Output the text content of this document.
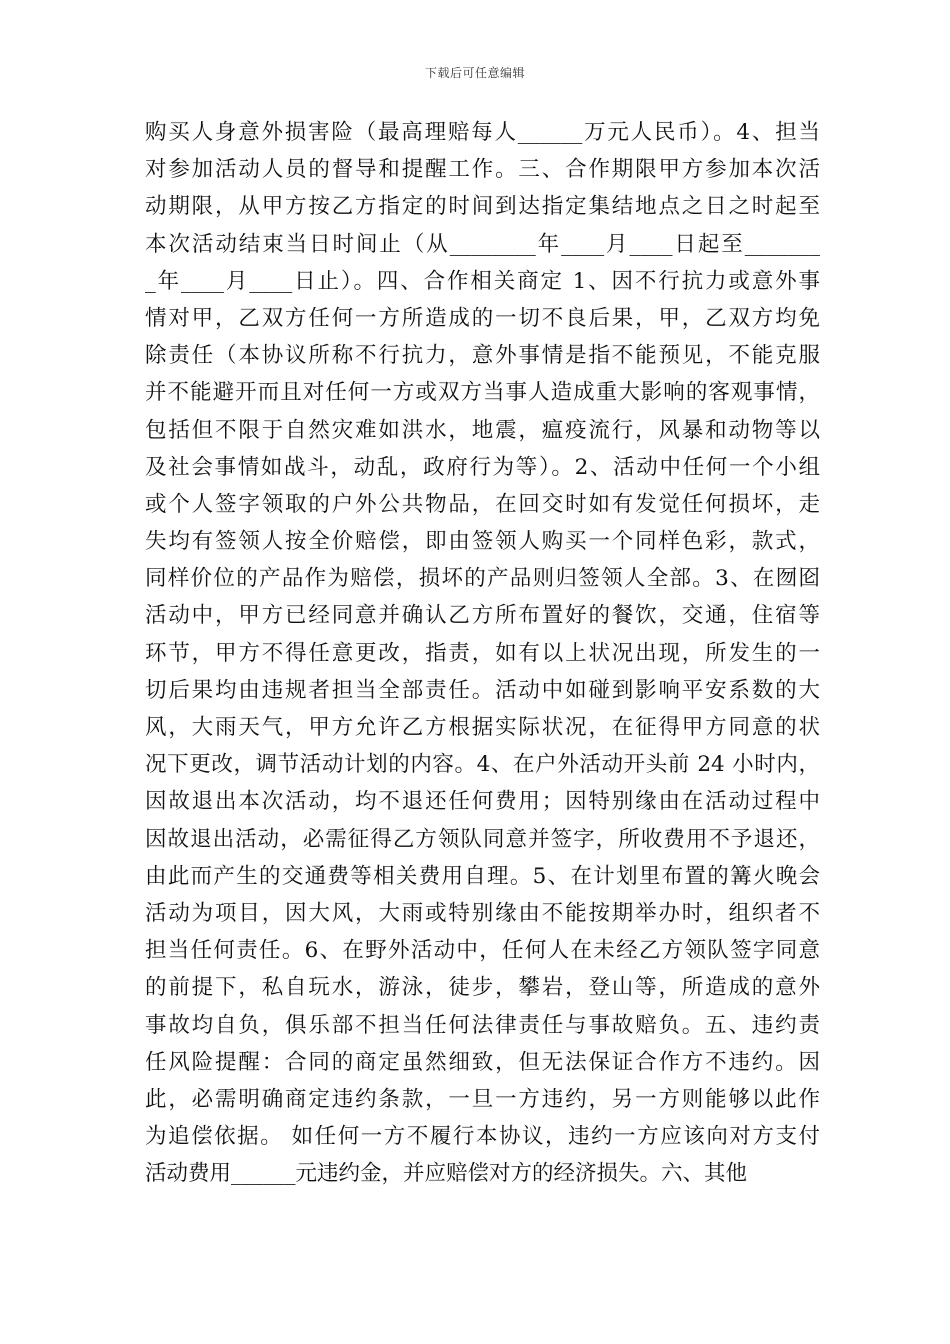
下载后可任意编辑
购买人身意外损害险（最高理赔每人______万元人民币）。4、担当
对参加活动人员的督导和提醒工作。三、合作期限甲方参加本次活
动期限，从甲方按乙方指定的时间到达指定集结地点之日之时起至
本次活动结束当日时间止（从________年____月____日起至_______
_年____月____日止）。四、合作相关商定 1、因不行抗力或意外事
情对甲，乙双方任何一方所造成的一切不良后果，甲，乙双方均免
除责任（本协议所称不行抗力，意外事情是指不能预见，不能克服
并不能避开而且对任何一方或双方当事人造成重大影响的客观事情，
包括但不限于自然灾难如洪水，地震，瘟疫流行，风暴和动物等以
及社会事情如战斗，动乱，政府行为等）。2、活动中任何一个小组
或个人签字领取的户外公共物品，在回交时如有发觉任何损坏，走
失均有签领人按全价赔偿，即由签领人购买一个同样色彩，款式，
同样价位的产品作为赔偿，损坏的产品则归签领人全部。3、在囫囵
活动中，甲方已经同意并确认乙方所布置好的餐饮，交通，住宿等
环节，甲方不得任意更改，指责，如有以上状况出现，所发生的一
切后果均由违规者担当全部责任。活动中如碰到影响平安系数的大
风，大雨天气，甲方允许乙方根据实际状况，在征得甲方同意的状
况下更改，调节活动计划的内容。4、在户外活动开头前 24 小时内，
因故退出本次活动，均不退还任何费用；因特别缘由在活动过程中
因故退出活动，必需征得乙方领队同意并签字，所收费用不予退还，
由此而产生的交通费等相关费用自理。5、在计划里布置的篝火晚会
活动为项目，因大风，大雨或特别缘由不能按期举办时，组织者不
担当任何责任。6、在野外活动中，任何人在未经乙方领队签字同意
的前提下，私自玩水，游泳，徒步，攀岩，登山等，所造成的意外
事故均自负，俱乐部不担当任何法律责任与事故赔负。五、违约责
任风险提醒：合同的商定虽然细致，但无法保证合作方不违约。因
此，必需明确商定违约条款，一旦一方违约，另一方则能够以此作
为追偿依据。 如任何一方不履行本协议，违约一方应该向对方支付
活动费用______元违约金，并应赔偿对方的经济损失。六、其他
